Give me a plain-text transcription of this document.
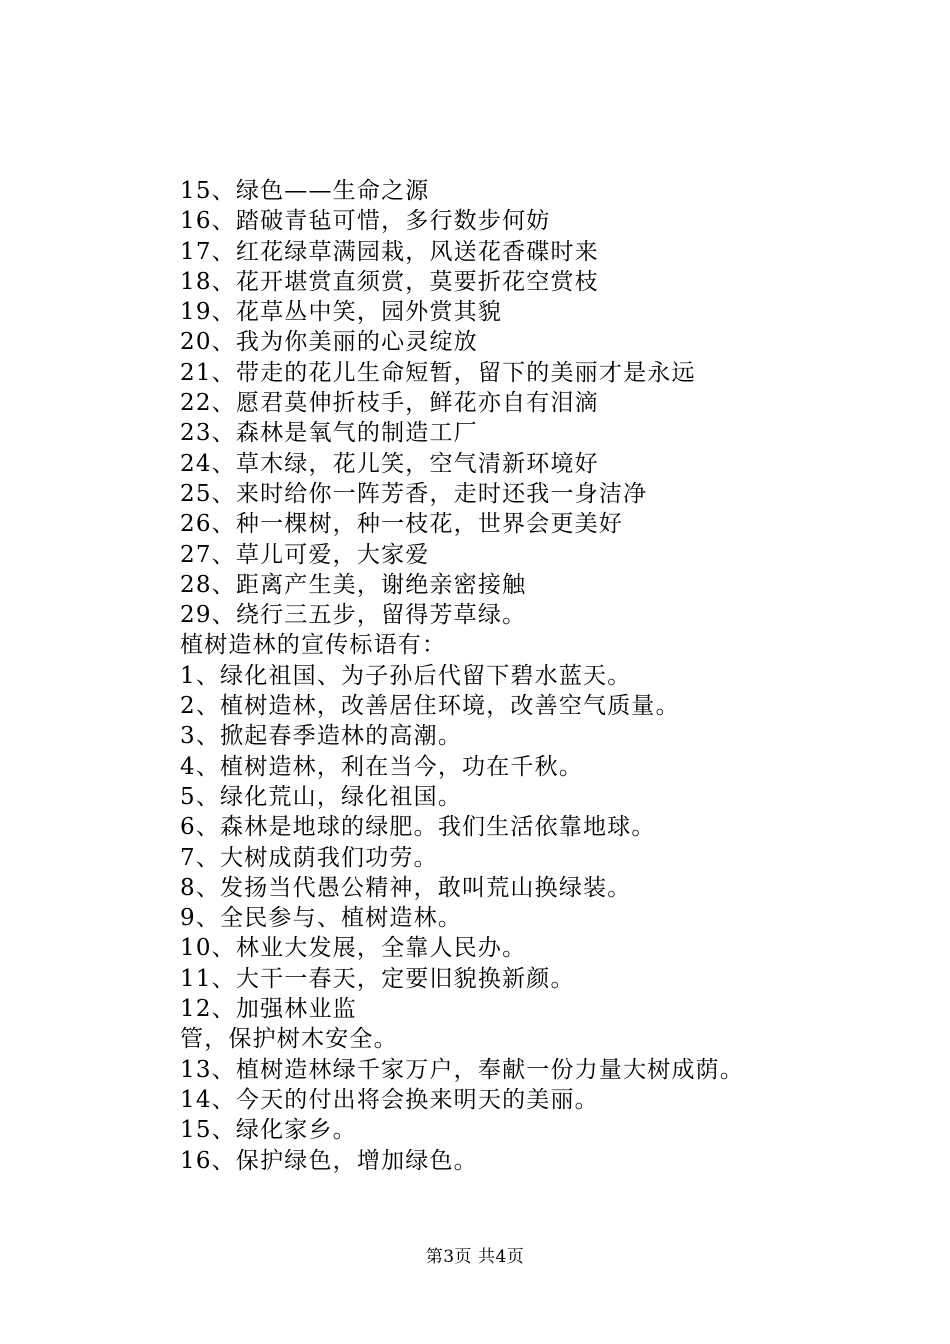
15、绿色——生命之源
16、踏破青毡可惜，多行数步何妨
17、红花绿草满园栽，风送花香碟时来
18、花开堪赏直须赏，莫要折花空赏枝
19、花草丛中笑，园外赏其貌
20、我为你美丽的心灵绽放
21、带走的花儿生命短暂，留下的美丽才是永远
22、愿君莫伸折枝手，鲜花亦自有泪滴
23、森林是氧气的制造工厂
24、草木绿，花儿笑，空气清新环境好
25、来时给你一阵芳香，走时还我一身洁净
26、种一棵树，种一枝花，世界会更美好
27、草儿可爱，大家爱
28、距离产生美，谢绝亲密接触
29、绕行三五步，留得芳草绿。
植树造林的宣传标语有：
1、绿化祖国、为子孙后代留下碧水蓝天。
2、植树造林，改善居住环境，改善空气质量。
3、掀起春季造林的高潮。
4、植树造林，利在当今，功在千秋。
5、绿化荒山，绿化祖国。
6、森林是地球的绿肥。我们生活依靠地球。
7、大树成荫我们功劳。
8、发扬当代愚公精神，敢叫荒山换绿装。
9、全民参与、植树造林。
10、林业大发展，全靠人民办。
11、大干一春天，定要旧貌换新颜。
12、加强林业监
管，保护树木安全。
13、植树造林绿千家万户，奉献一份力量大树成荫。
14、今天的付出将会换来明天的美丽。
15、绿化家乡。
16、保护绿色，增加绿色。
第3页 共4页
